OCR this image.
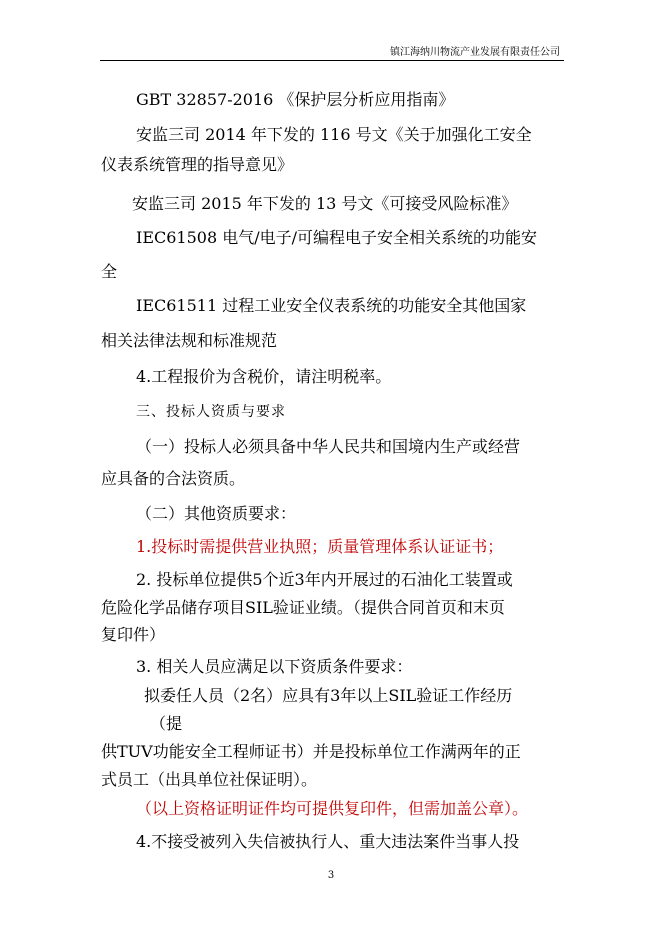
镇江海纳川物流产业发展有限责任公司
GBT 32857-2016 《保护层分析应用指南》
安监三司 2014 年下发的 116 号文《关于加强化工安全
仪表系统管理的指导意见》
安监三司 2015 年下发的 13 号文《可接受风险标准》
IEC61508 电气/电子/可编程电子安全相关系统的功能安
全
IEC61511 过程工业安全仪表系统的功能安全其他国家
相关法律法规和标准规范
4.工程报价为含税价，请注明税率。
三、投标人资质与要求
（一）投标人必须具备中华人民共和国境内生产或经营
应具备的合法资质。
（二）其他资质要求：
1.投标时需提供营业执照；质量管理体系认证证书；
2. 投标单位提供5个近3年内开展过的石油化工装置或
危险化学品储存项目SIL验证业绩。（提供合同首页和末页
复印件）
3. 相关人员应满足以下资质条件要求：
拟委任人员（2名）应具有3年以上SIL验证工作经历
（提
供TUV功能安全工程师证书）并是投标单位工作满两年的正
式员工（出具单位社保证明）。
（以上资格证明证件均可提供复印件，但需加盖公章）。
4.不接受被列入失信被执行人、重大违法案件当事人投
3
